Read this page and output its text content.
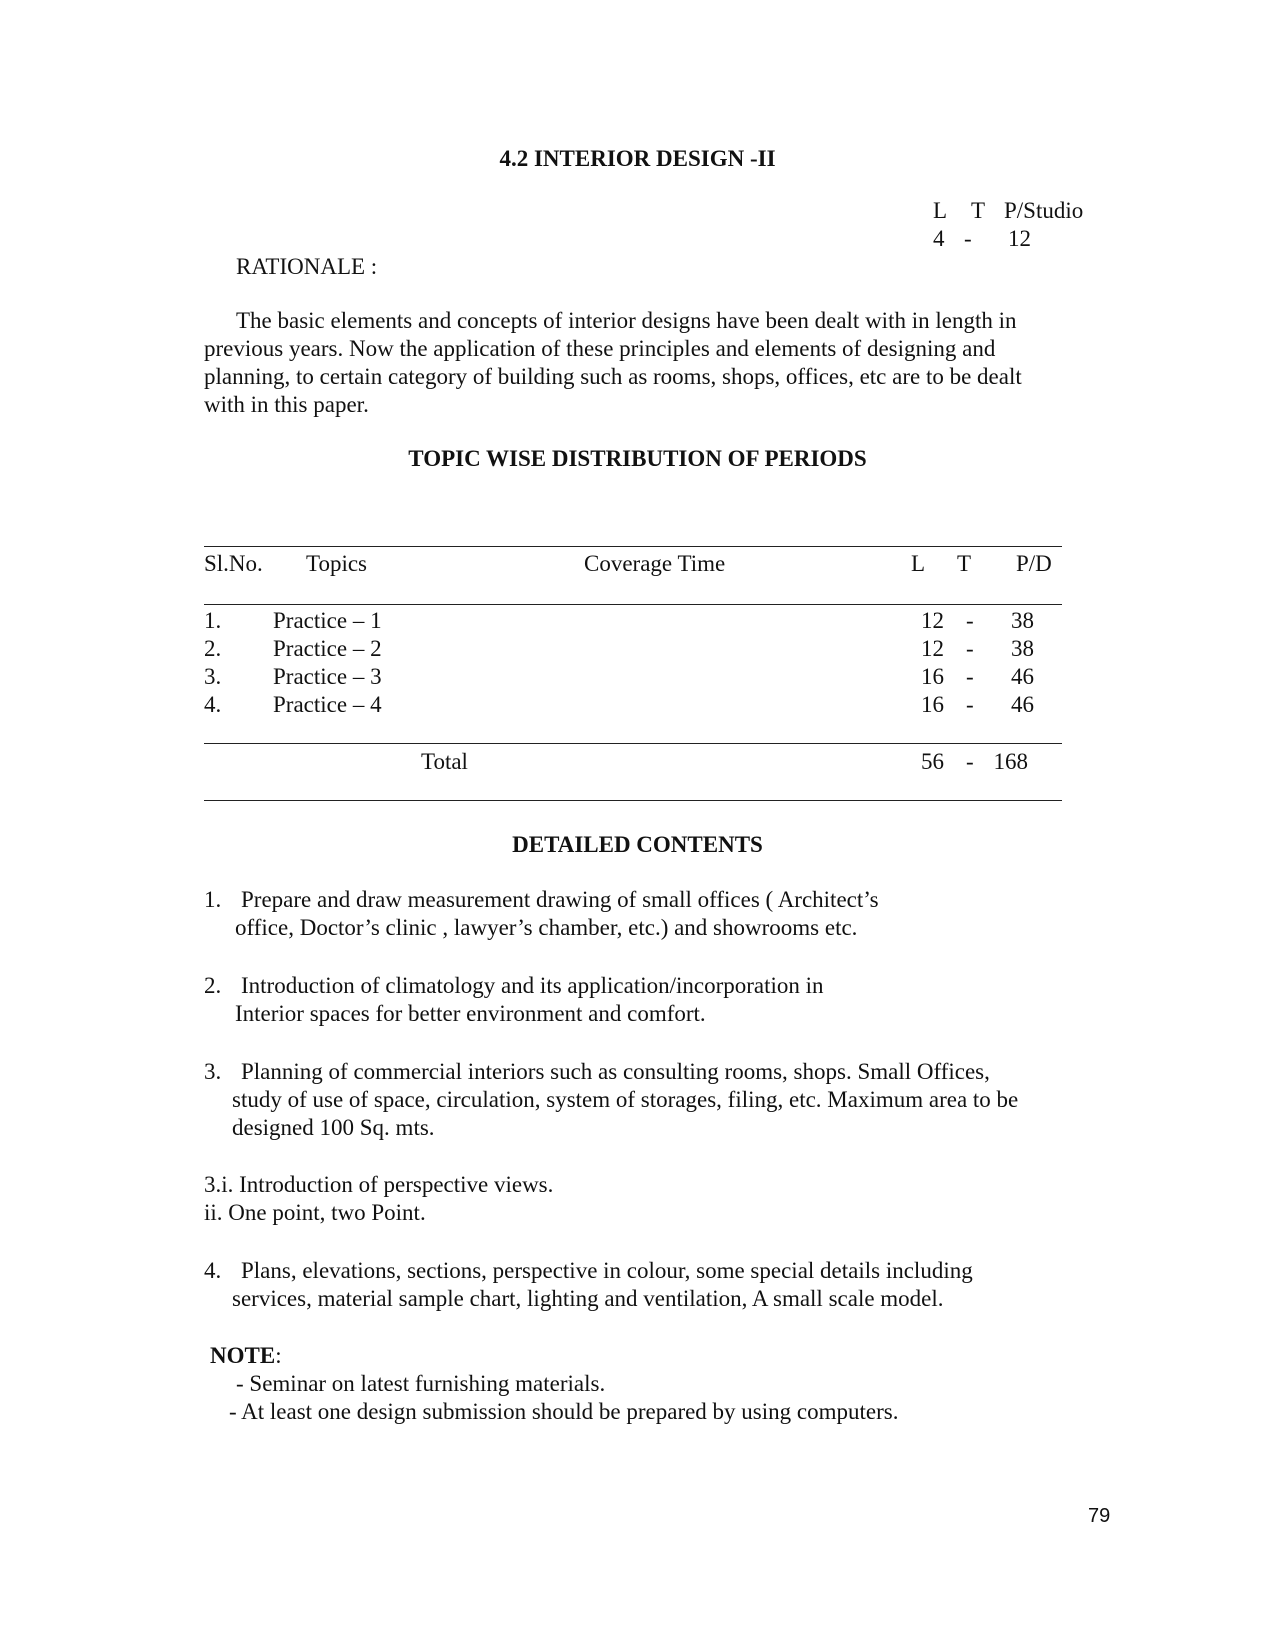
4.2 INTERIOR DESIGN -II
L T P/Studio
4 - 12
RATIONALE :
The basic elements and concepts of interior designs have been dealt with in length in
previous years. Now the application of these principles and elements of designing and
planning, to certain category of building such as rooms, shops, offices, etc are to be dealt
with in this paper.
TOPIC WISE DISTRIBUTION OF PERIODS
Sl.No. Topics	Coverage Time	L T P/D
1. Practice – 1	12 -	38
2. Practice – 2	12 -	38
3. Practice – 3	16 -	46
4. Practice – 4	16 -	46
Total	56 - 168
DETAILED CONTENTS
1. Prepare and draw measurement drawing of small offices ( Architect’s
office, Doctor’s clinic , lawyer’s chamber, etc.) and showrooms etc.
2. Introduction of climatology and its application/incorporation in
Interior spaces for better environment and comfort.
3. Planning of commercial interiors such as consulting rooms, shops. Small Offices,
study of use of space, circulation, system of storages, filing, etc. Maximum area to be
designed 100 Sq. mts.
3.i. Introduction of perspective views.
ii. One point, two Point.
4. Plans, elevations, sections, perspective in colour, some special details including
services, material sample chart, lighting and ventilation, A small scale model.
NOTE:
- Seminar on latest furnishing materials.
- At least one design submission should be prepared by using computers.
79
